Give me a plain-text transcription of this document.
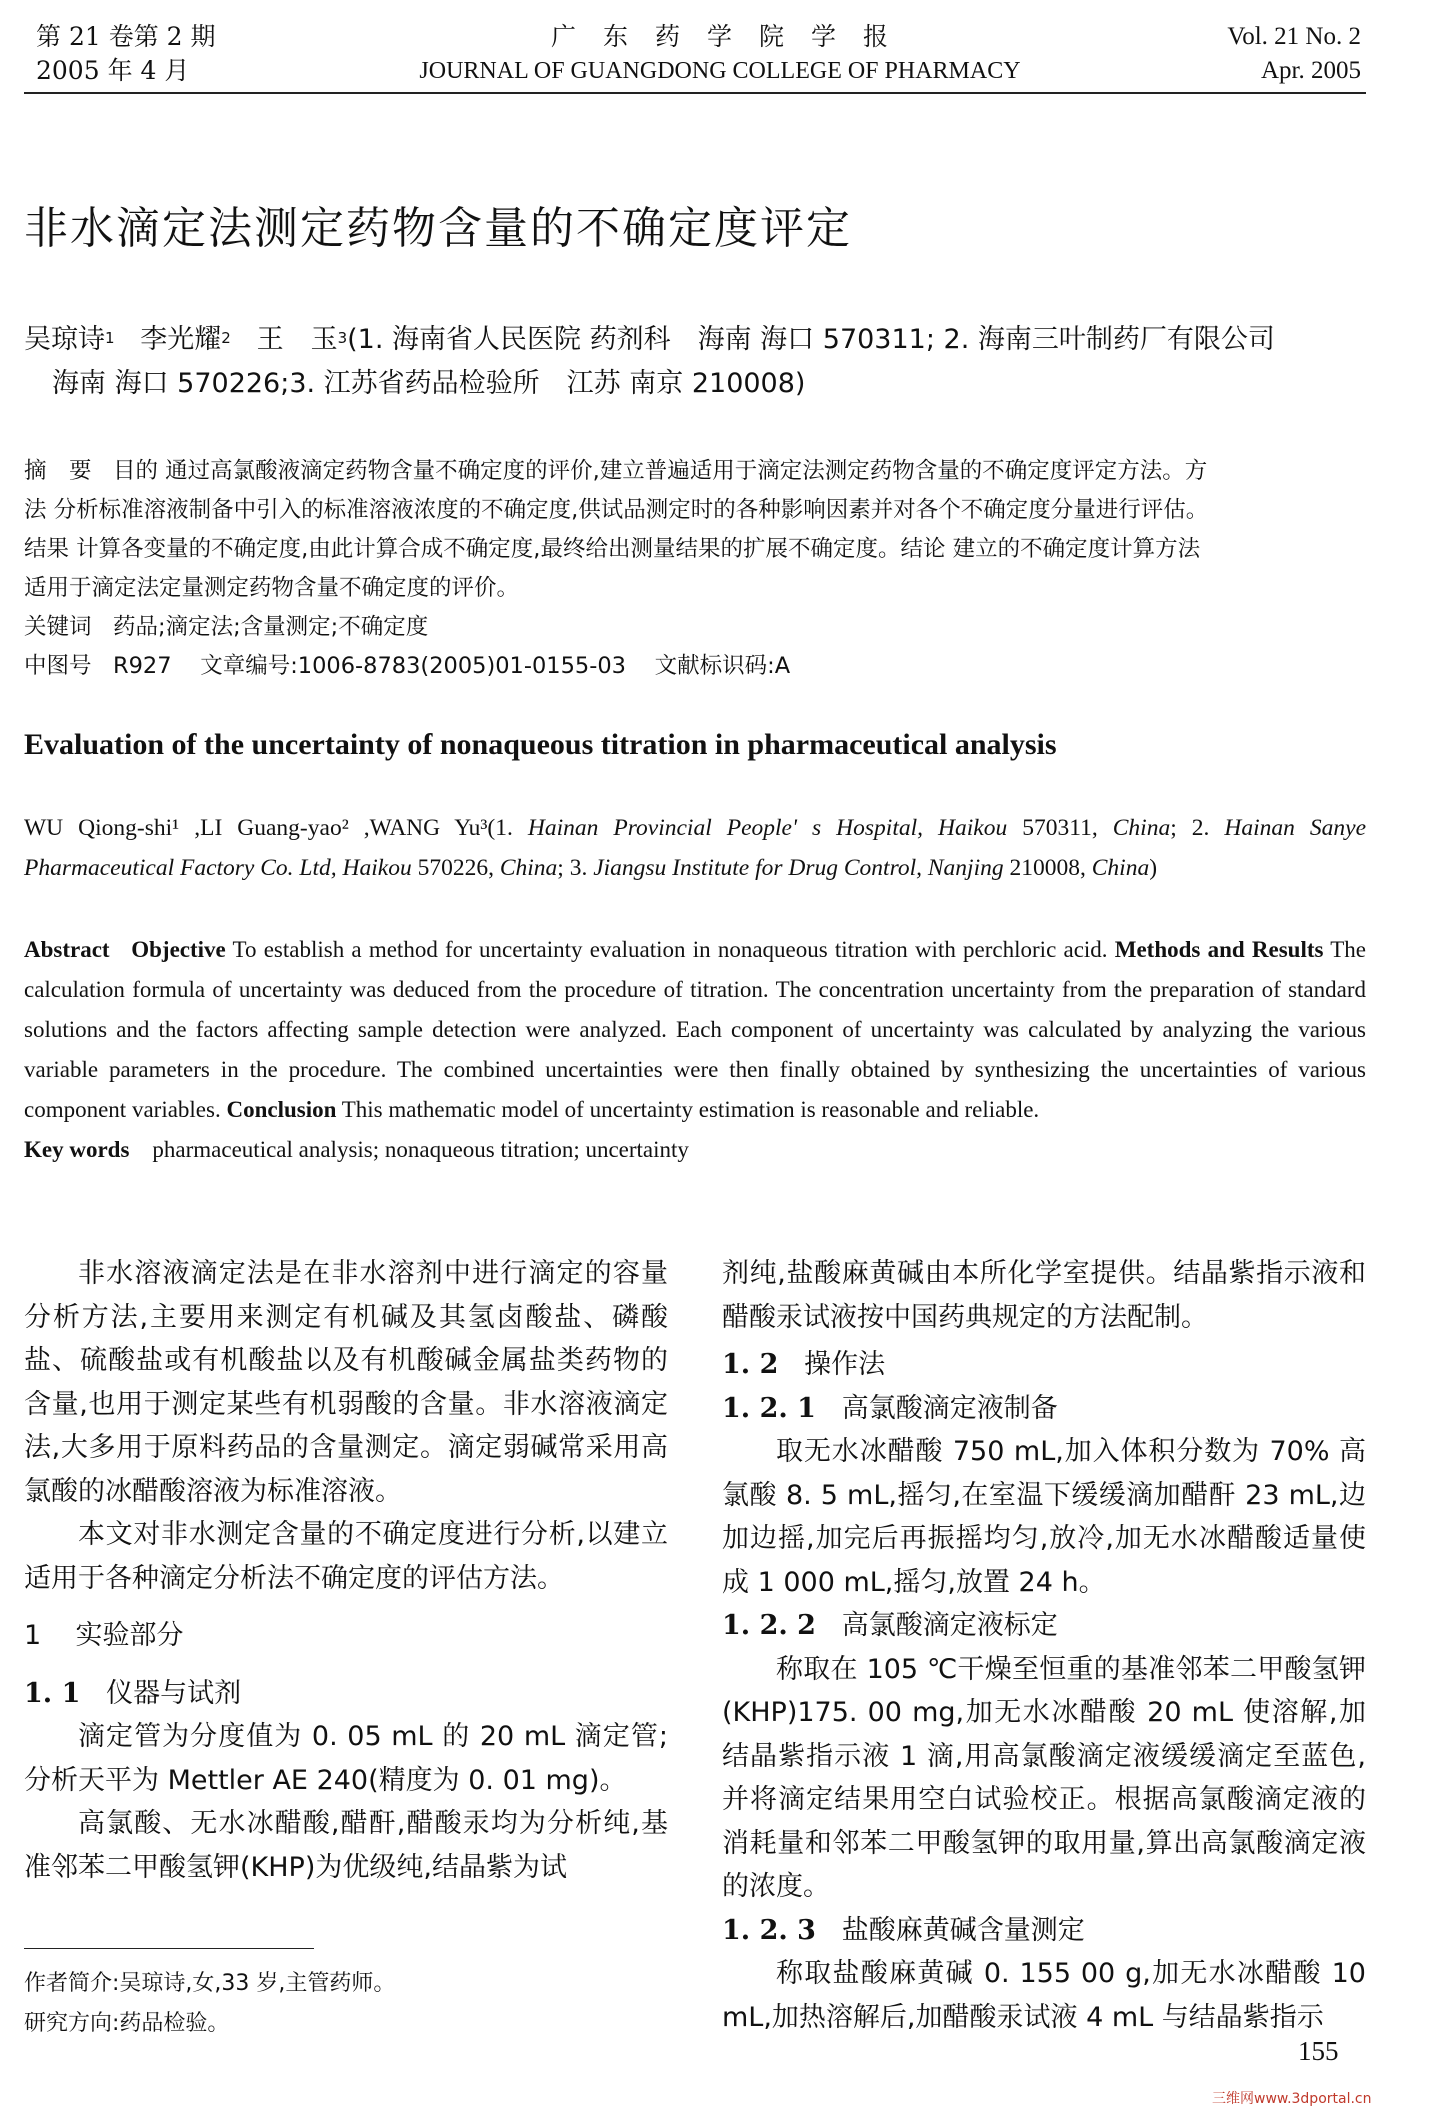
第 21 卷第 2 期
2005 年 4 月
广　东　药　学　院　学　报
JOURNAL OF GUANGDONG COLLEGE OF PHARMACY
Vol. 21 No. 2
Apr. 2005
非水滴定法测定药物含量的不确定度评定
吴琼诗$^1$ 李光耀$^2$ 王　玉$^3$(1. 海南省人民医院 药剂科　海南 海口 570311; 2. 海南三叶制药厂有限公司
海南 海口 570226;3. 江苏省药品检验所　江苏 南京 210008)
摘　要 目的 通过高氯酸液滴定药物含量不确定度的评价,建立普遍适用于滴定法测定药物含量的不确定度评定方法。方
法 分析标准溶液制备中引入的标准溶液浓度的不确定度,供试品测定时的各种影响因素并对各个不确定度分量进行评估。
结果 计算各变量的不确定度,由此计算合成不确定度,最终给出测量结果的扩展不确定度。结论 建立的不确定度计算方法
适用于滴定法定量测定药物含量不确定度的评价。
关键词 药品;滴定法;含量测定;不确定度
中图号 R927 文章编号:1006-8783(2005)01-0155-03 文献标识码:A
Evaluation of the uncertainty of nonaqueous titration in pharmaceutical analysis
WU Qiong-shi¹ ,LI Guang-yao² ,WANG Yu³(1. Hainan Provincial People' s Hospital, Haikou 570311, China; 2. Hainan Sanye Pharmaceutical Factory Co. Ltd, Haikou 570226, China; 3. Jiangsu Institute for Drug Control, Nanjing 210008, China)
Abstract Objective To establish a method for uncertainty evaluation in nonaqueous titration with perchloric acid. Methods and Results The calculation formula of uncertainty was deduced from the procedure of titration. The concentration uncertainty from the preparation of standard solutions and the factors affecting sample detection were analyzed. Each component of uncertainty was calculated by analyzing the various variable parameters in the procedure. The combined uncertainties were then finally obtained by synthesizing the uncertainties of various component variables. Conclusion This mathematic model of uncertainty estimation is reasonable and reliable.
Key words pharmaceutical analysis; nonaqueous titration; uncertainty

非水溶液滴定法是在非水溶剂中进行滴定的容量分析方法,主要用来测定有机碱及其氢卤酸盐、磷酸盐、硫酸盐或有机酸盐以及有机酸碱金属盐类药物的含量,也用于测定某些有机弱酸的含量。非水溶液滴定法,大多用于原料药品的含量测定。滴定弱碱常采用高氯酸的冰醋酸溶液为标准溶液。

本文对非水测定含量的不确定度进行分析,以建立适用于各种滴定分析法不确定度的评估方法。

1 实验部分

1. 1 仪器与试剂

滴定管为分度值为 0. 05 mL 的 20 mL 滴定管;分析天平为 Mettler AE 240(精度为 0. 01 mg)。

高氯酸、无水冰醋酸,醋酐,醋酸汞均为分析纯,基准邻苯二甲酸氢钾(KHP)为优级纯,结晶紫为试

剂纯,盐酸麻黄碱由本所化学室提供。结晶紫指示液和醋酸汞试液按中国药典规定的方法配制。

1. 2 操作法

1. 2. 1 高氯酸滴定液制备

取无水冰醋酸 750 mL,加入体积分数为 70% 高氯酸 8. 5 mL,摇匀,在室温下缓缓滴加醋酐 23 mL,边加边摇,加完后再振摇均匀,放冷,加无水冰醋酸适量使成 1 000 mL,摇匀,放置 24 h。

1. 2. 2 高氯酸滴定液标定

称取在 105 ℃干燥至恒重的基准邻苯二甲酸氢钾(KHP)175. 00 mg,加无水冰醋酸 20 mL 使溶解,加结晶紫指示液 1 滴,用高氯酸滴定液缓缓滴定至蓝色,并将滴定结果用空白试验校正。根据高氯酸滴定液的消耗量和邻苯二甲酸氢钾的取用量,算出高氯酸滴定液的浓度。

1. 2. 3 盐酸麻黄碱含量测定

称取盐酸麻黄碱 0. 155 00 g,加无水冰醋酸 10 mL,加热溶解后,加醋酸汞试液 4 mL 与结晶紫指示

作者简介:吴琼诗,女,33 岁,主管药师。
研究方向:药品检验。
155
三维网www.3dportal.cn
